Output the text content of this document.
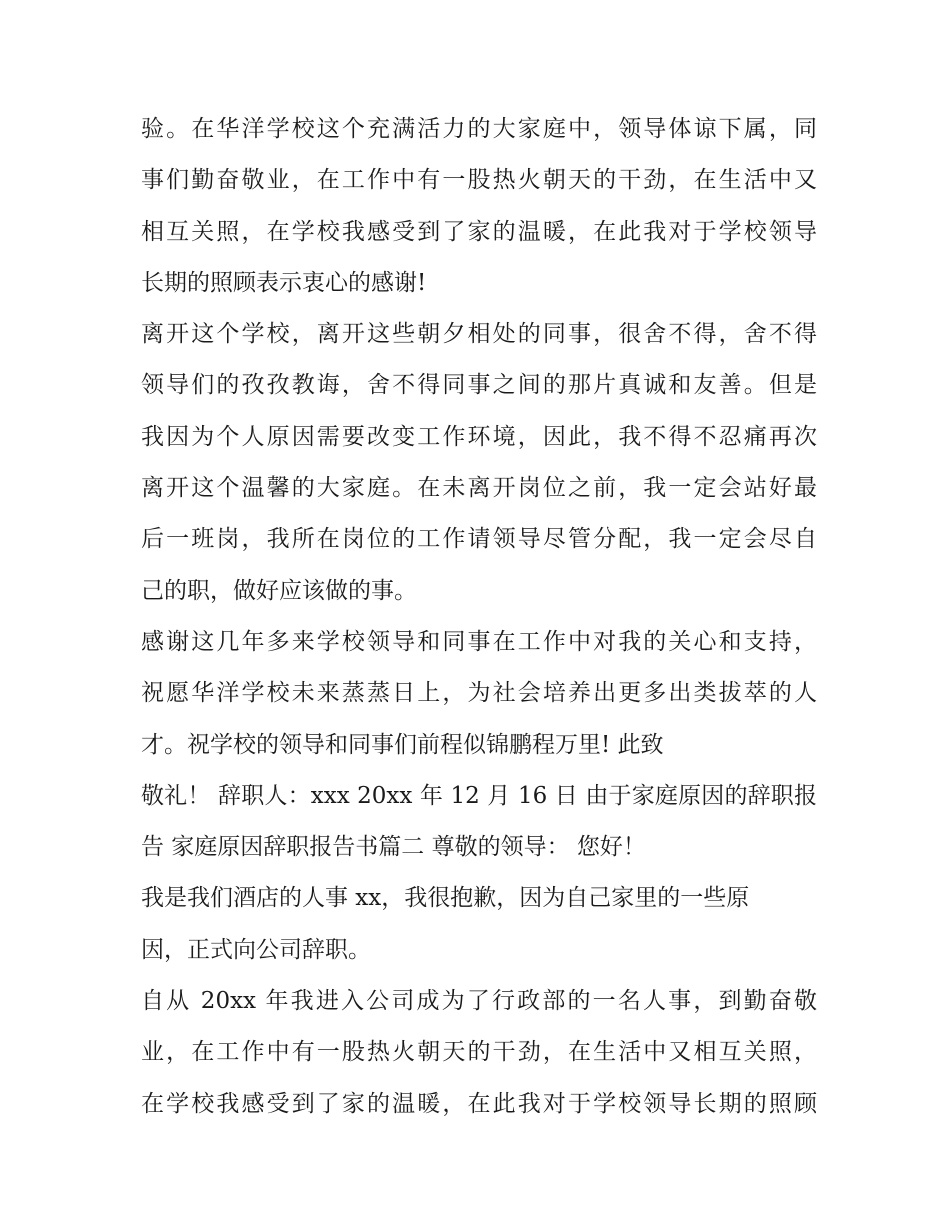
验。在华洋学校这个充满活力的大家庭中，领导体谅下属，同
事们勤奋敬业，在工作中有一股热火朝天的干劲，在生活中又
相互关照，在学校我感受到了家的温暖，在此我对于学校领导
长期的照顾表示衷心的感谢!
离开这个学校，离开这些朝夕相处的同事，很舍不得，舍不得
领导们的孜孜教诲，舍不得同事之间的那片真诚和友善。但是
我因为个人原因需要改变工作环境，因此，我不得不忍痛再次
离开这个温馨的大家庭。在未离开岗位之前，我一定会站好最
后一班岗，我所在岗位的工作请领导尽管分配，我一定会尽自
己的职，做好应该做的事。
感谢这几年多来学校领导和同事在工作中对我的关心和支持，
祝愿华洋学校未来蒸蒸日上，为社会培养出更多出类拔萃的人
才。祝学校的领导和同事们前程似锦鹏程万里! 此致
敬礼！ 辞职人：xxx 20xx 年 12 月 16 日 由于家庭原因的辞职报
告 家庭原因辞职报告书篇二 尊敬的领导： 您好！
我是我们酒店的人事 xx，我很抱歉，因为自己家里的一些原
因，正式向公司辞职。
自从 20xx 年我进入公司成为了行政部的一名人事，到勤奋敬
业，在工作中有一股热火朝天的干劲，在生活中又相互关照，
在学校我感受到了家的温暖，在此我对于学校领导长期的照顾
